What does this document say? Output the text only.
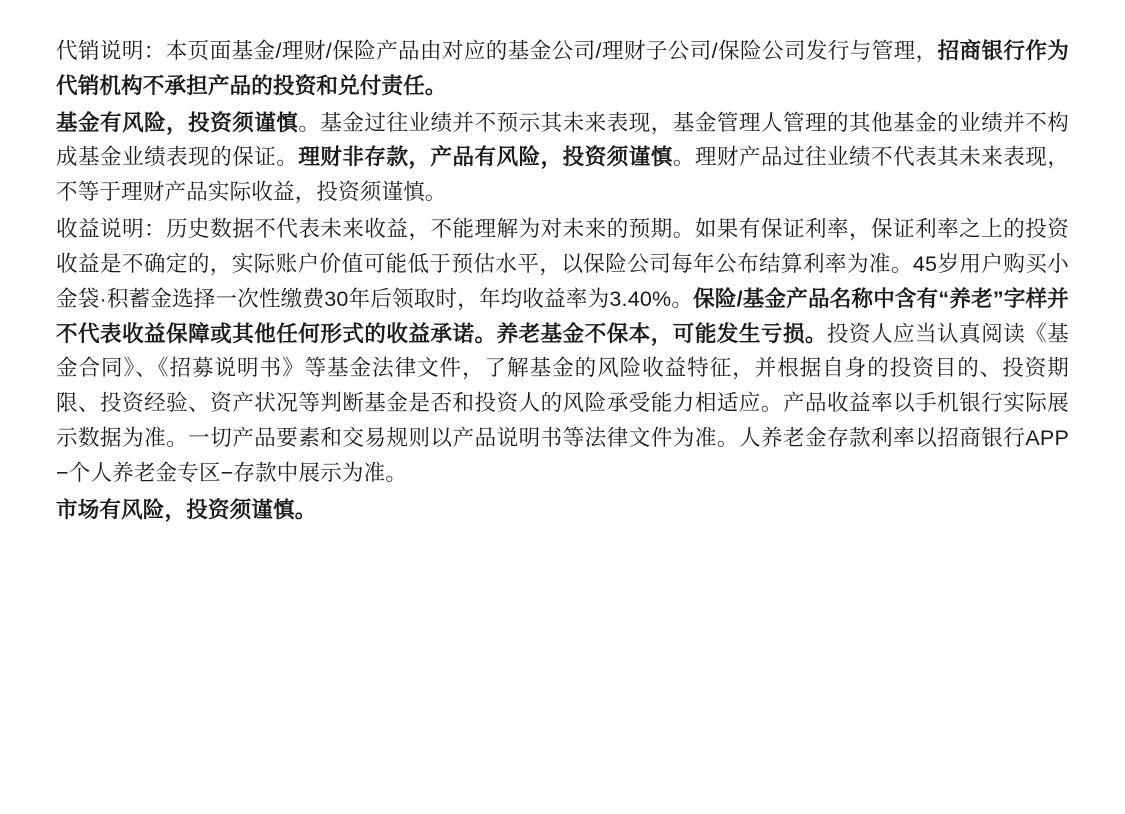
代销说明：本页面基金/理财/保险产品由对应的基金公司/理财子公司/保险公司发行与管理，招商银行作为代销机构不承担产品的投资和兑付责任。

基金有风险，投资须谨慎。基金过往业绩并不预示其未来表现，基金管理人管理的其他基金的业绩并不构成基金业绩表现的保证。理财非存款，产品有风险，投资须谨慎。理财产品过往业绩不代表其未来表现，不等于理财产品实际收益，投资须谨慎。

收益说明：历史数据不代表未来收益，不能理解为对未来的预期。如果有保证利率，保证利率之上的投资收益是不确定的，实际账户价值可能低于预估水平，以保险公司每年公布结算利率为准。45岁用户购买小金袋·积蓄金选择一次性缴费30年后领取时，年均收益率为3.40%。保险/基金产品名称中含有“养老”字样并不代表收益保障或其他任何形式的收益承诺。养老基金不保本，可能发生亏损。投资人应当认真阅读《基金合同》、《招募说明书》等基金法律文件，了解基金的风险收益特征，并根据自身的投资目的、投资期限、投资经验、资产状况等判断基金是否和投资人的风险承受能力相适应。产品收益率以手机银行实际展示数据为准。一切产品要素和交易规则以产品说明书等法律文件为准。人养老金存款利率以招商银行APP−个人养老金专区−存款中展示为准。

市场有风险，投资须谨慎。
